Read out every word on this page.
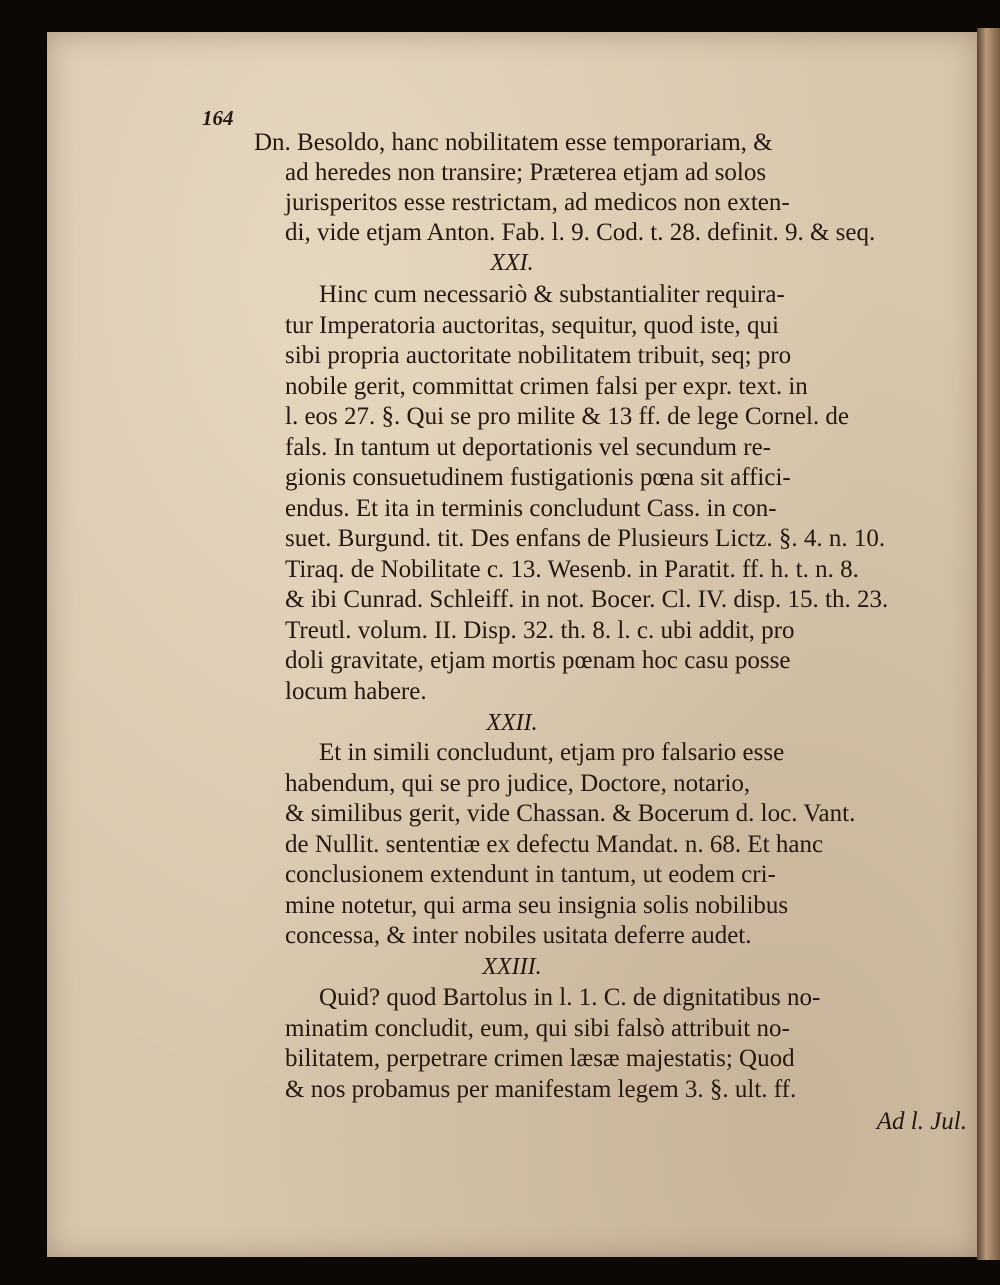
164
Dn. Besoldo, hanc nobilitatem esse temporariam, &
ad heredes non transire; Præterea etjam ad solos
jurisperitos esse restrictam, ad medicos non exten-
di, vide etjam Anton. Fab. l. 9. Cod. t. 28. definit. 9. & seq.
XXI.
Hinc cum necessariò & substantialiter requira-
tur Imperatoria auctoritas, sequitur, quod iste, qui
sibi propria auctoritate nobilitatem tribuit, seq; pro
nobile gerit, committat crimen falsi per expr. text. in
l. eos 27. §. Qui se pro milite & 13 ff. de lege Cornel. de
fals. In tantum ut deportationis vel secundum re-
gionis consuetudinem fustigationis pœna sit affici-
endus. Et ita in terminis concludunt Cass. in con-
suet. Burgund. tit. Des enfans de Plusieurs Lictz. §. 4. n. 10.
Tiraq. de Nobilitate c. 13. Wesenb. in Paratit. ff. h. t. n. 8.
& ibi Cunrad. Schleiff. in not. Bocer. Cl. IV. disp. 15. th. 23.
Treutl. volum. II. Disp. 32. th. 8. l. c. ubi addit, pro
doli gravitate, etjam mortis pœnam hoc casu posse
locum habere.
XXII.
Et in simili concludunt, etjam pro falsario esse
habendum, qui se pro judice, Doctore, notario,
& similibus gerit, vide Chassan. & Bocerum d. loc. Vant.
de Nullit. sententiæ ex defectu Mandat. n. 68. Et hanc
conclusionem extendunt in tantum, ut eodem cri-
mine notetur, qui arma seu insignia solis nobilibus
concessa, & inter nobiles usitata deferre audet.
XXIII.
Quid? quod Bartolus in l. 1. C. de dignitatibus no-
minatim concludit, eum, qui sibi falsò attribuit no-
bilitatem, perpetrare crimen læsæ majestatis; Quod
& nos probamus per manifestam legem 3. §. ult. ff.
Ad l. Jul.
